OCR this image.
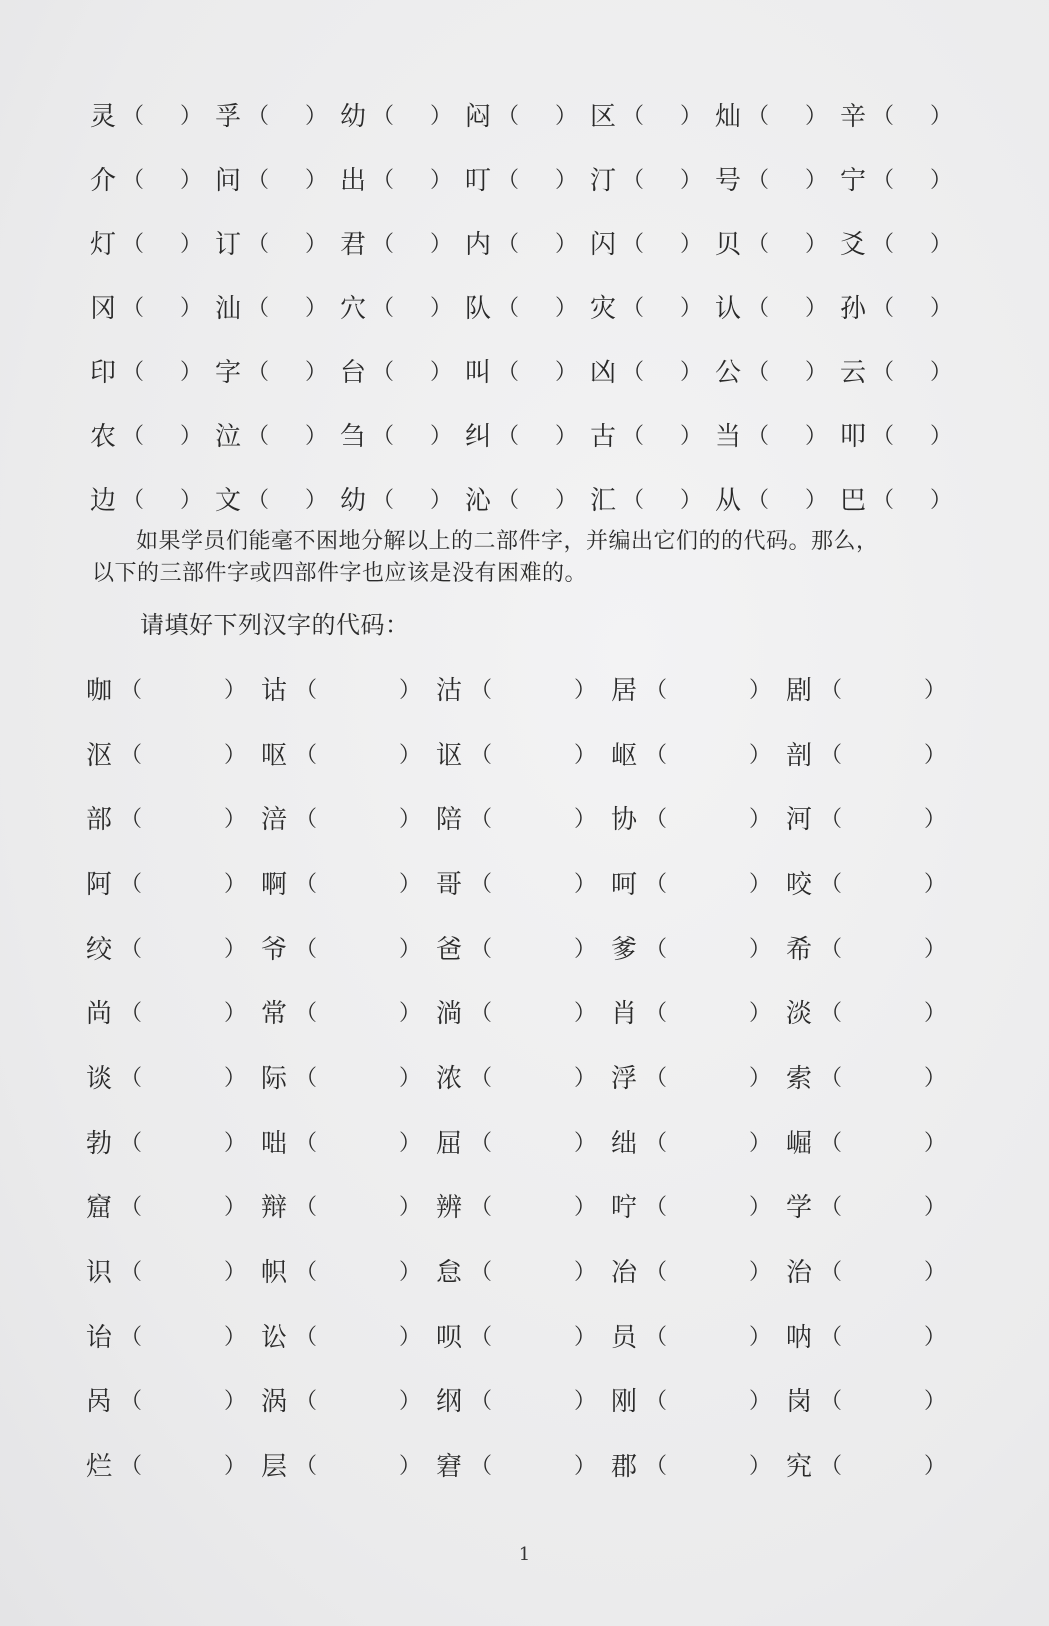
灵 （	） 孚 （	） 幼 （	） 闷 （	） 区 （	） 灿 （	） 辛 （	）
介 （	） 问 （	） 出 （	） 叮 （	） 汀 （	） 号 （	） 宁 （	）
灯 （	） 订 （	） 君 （	） 内 （	） 闪 （	） 贝 （	） 爻 （	）
冈 （	） 汕 （	） 穴 （	） 队 （	） 灾 （	） 认 （	） 孙 （	）
印 （	） 字 （	） 台 （	） 叫 （	） 凶 （	） 公 （	） 云 （	）
农 （	） 泣 （	） 刍 （	） 纠 （	） 古 （	） 当 （	） 叩 （	）
边 （	） 文 （	） 幼 （	） 沁 （	） 汇 （	） 从 （	） 巴 （	）
如果学员们能毫不困地分解以上的二部件字，并编出它们的的代码。那么，
以下的三部件字或四部件字也应该是没有困难的。
请填好下列汉字的代码：
咖 （	） 诂 （	） 沽 （	） 居 （	） 剧 （	）
沤 （	） 呕 （	） 讴 （	） 岖 （	） 剖 （	）
部 （	） 涪 （	） 陪 （	） 协 （	） 河 （	）
阿 （	） 啊 （	） 哥 （	） 呵 （	） 咬 （	）
绞 （	） 爷 （	） 爸 （	） 爹 （	） 希 （	）
尚 （	） 常 （	） 淌 （	） 肖 （	） 淡 （	）
谈 （	） 际 （	） 浓 （	） 浮 （	） 索 （	）
勃 （	） 咄 （	） 屈 （	） 绌 （	） 崛 （	）
窟 （	） 辩 （	） 辨 （	） 咛 （	） 学 （	）
识 （	） 帜 （	） 怠 （	） 冶 （	） 治 （	）
诒 （	） 讼 （	） 呗 （	） 员 （	） 呐 （	）
呙 （	） 涡 （	） 纲 （	） 刚 （	） 岗 （	）
烂 （	） 层 （	） 窘 （	） 郡 （	） 究 （	）
1
